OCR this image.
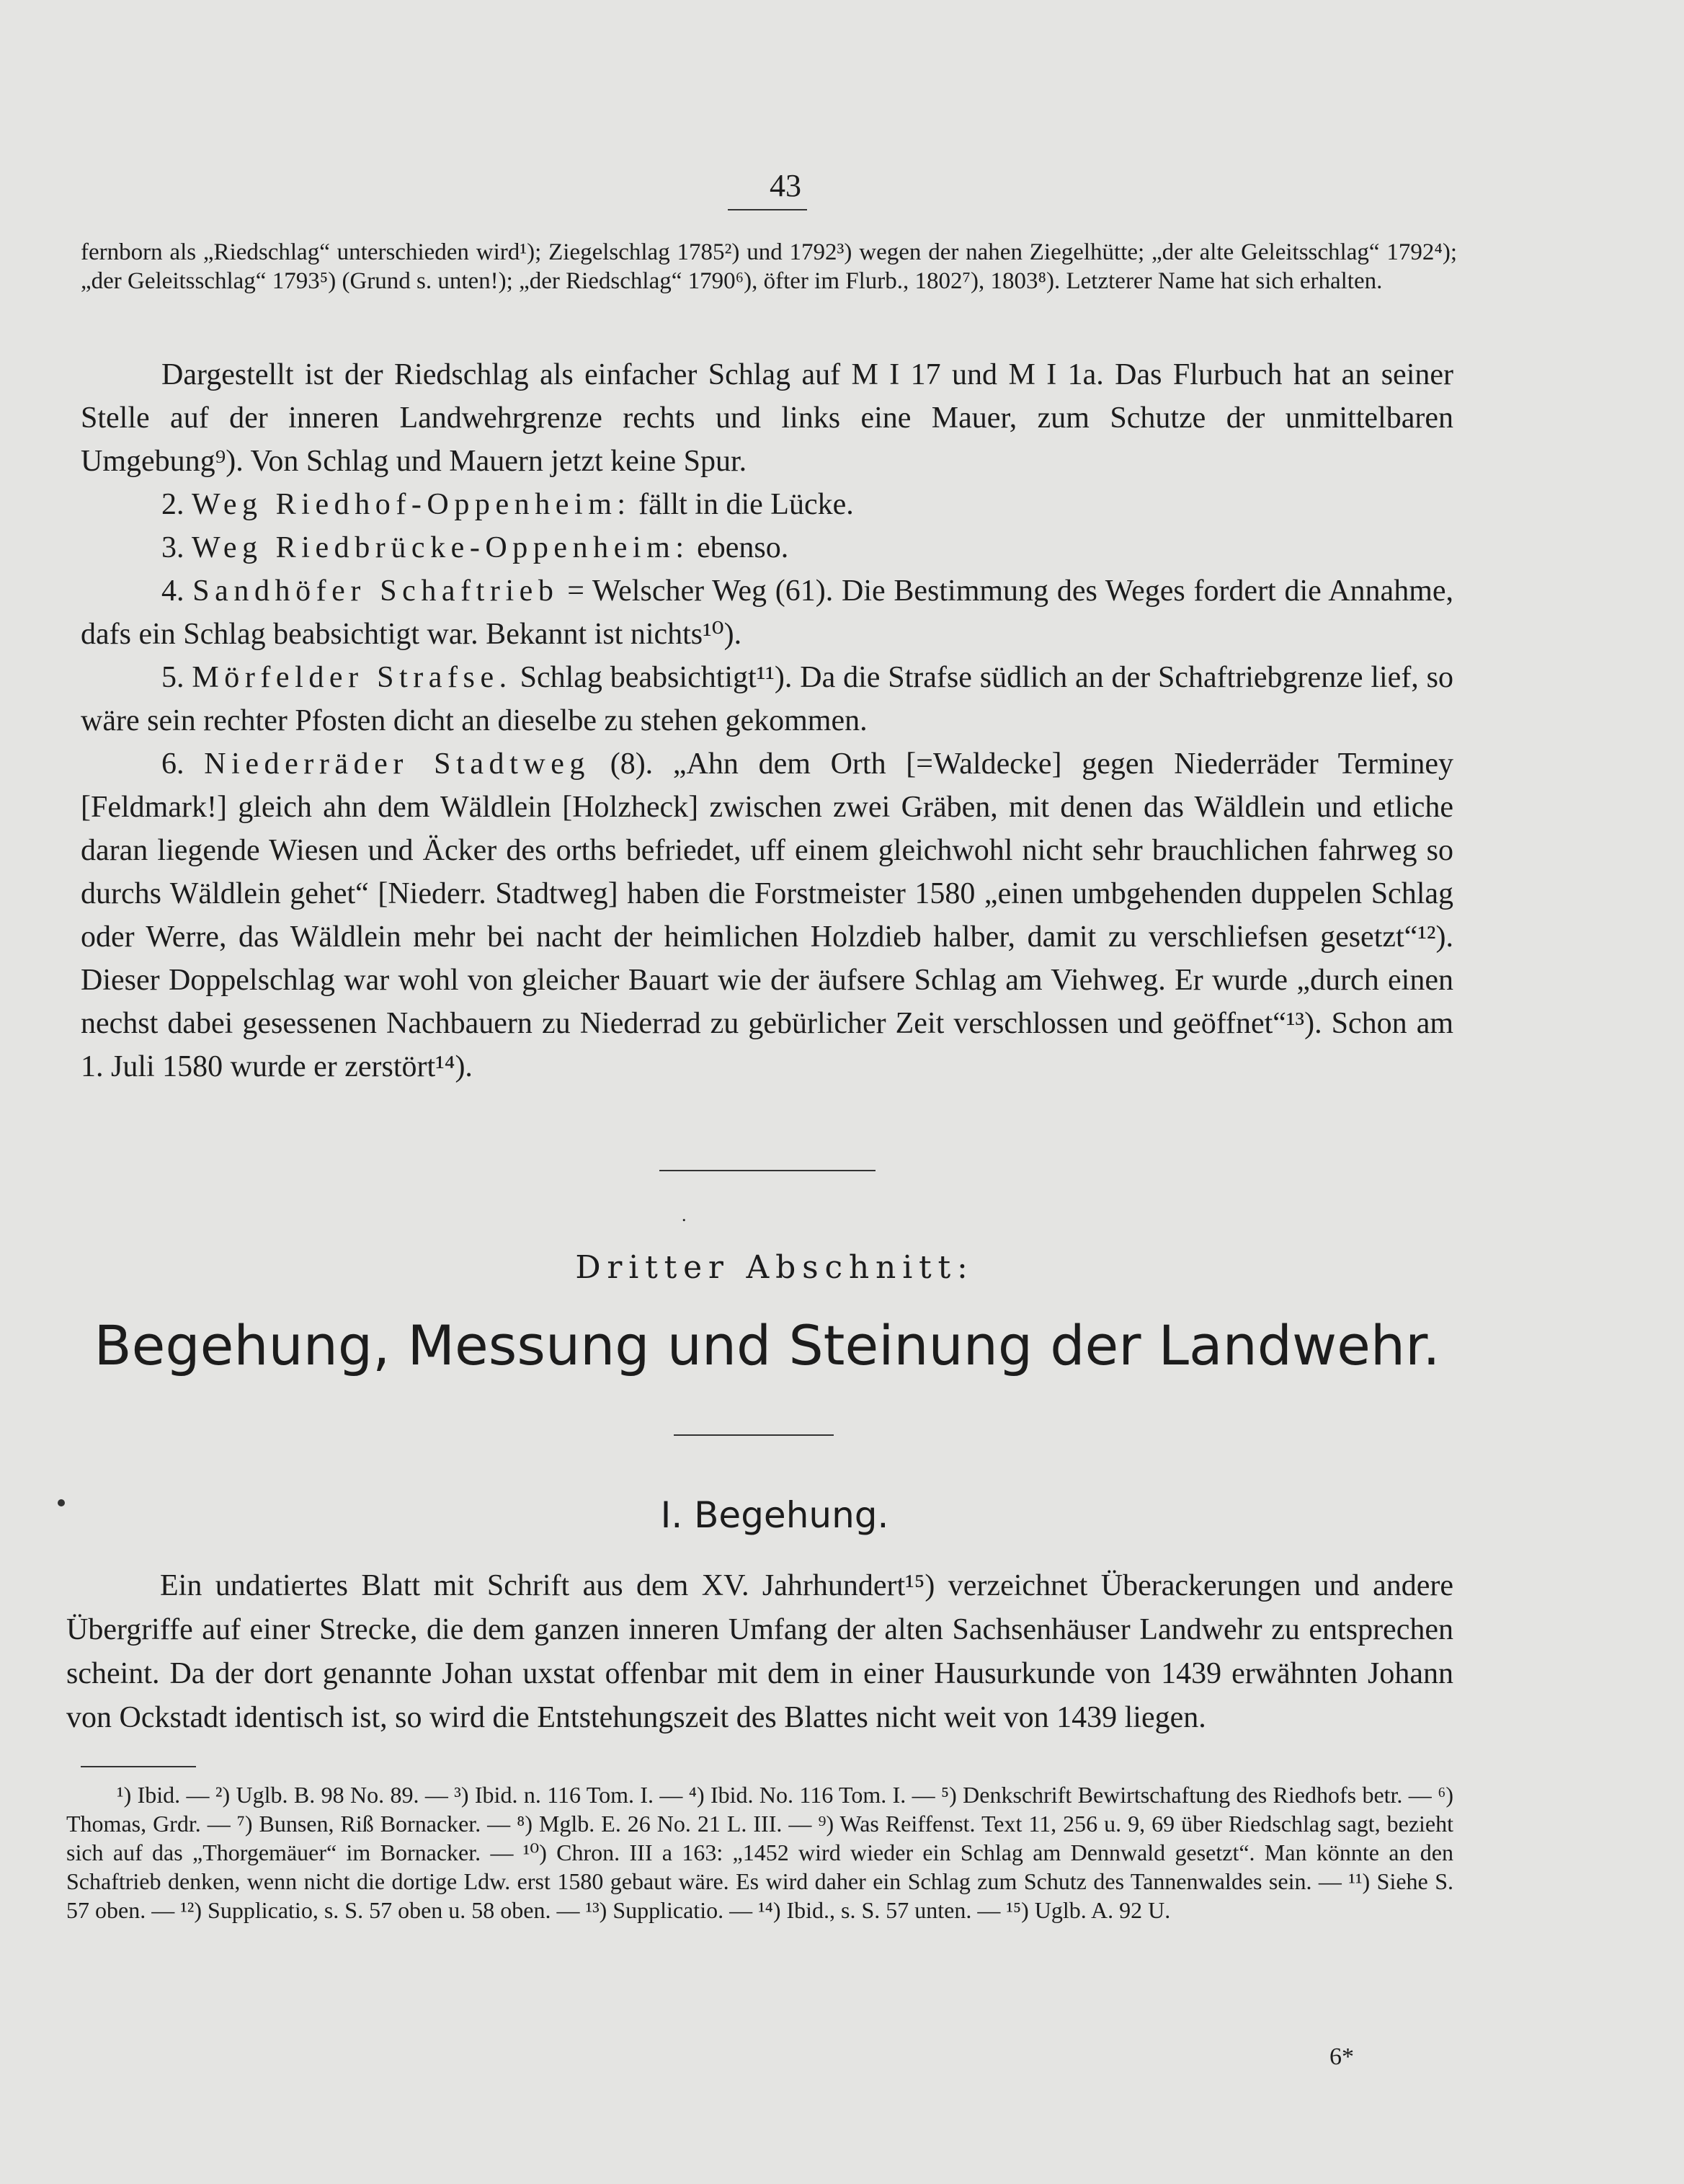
43

fernborn als „Riedschlag“ unterschieden wird¹); Ziegelschlag 1785²) und 1792³) wegen der nahen Ziegelhütte; „der alte Geleitsschlag“ 1792⁴); „der Geleitsschlag“ 1793⁵) (Grund s. unten!); „der Riedschlag“ 1790⁶), öfter im Flurb., 1802⁷), 1803⁸). Letzterer Name hat sich erhalten.

Dargestellt ist der Riedschlag als einfacher Schlag auf M I 17 und M I 1a. Das Flurbuch hat an seiner Stelle auf der inneren Landwehrgrenze rechts und links eine Mauer, zum Schutze der unmittelbaren Umgebung⁹). Von Schlag und Mauern jetzt keine Spur.

2. Weg Riedhof-Oppenheim: fällt in die Lücke.

3. Weg Riedbrücke-Oppenheim: ebenso.

4. Sandhöfer Schaftrieb = Welscher Weg (61). Die Bestimmung des Weges fordert die Annahme, dafs ein Schlag beabsichtigt war. Bekannt ist nichts¹⁰).

5. Mörfelder Strafse. Schlag beabsichtigt¹¹). Da die Strafse südlich an der Schaftriebgrenze lief, so wäre sein rechter Pfosten dicht an dieselbe zu stehen gekommen.

6. Niederräder Stadtweg (8). „Ahn dem Orth [=Waldecke] gegen Niederräder Terminey [Feldmark!] gleich ahn dem Wäldlein [Holzheck] zwischen zwei Gräben, mit denen das Wäldlein und etliche daran liegende Wiesen und Äcker des orths befriedet, uff einem gleichwohl nicht sehr brauchlichen fahrweg so durchs Wäldlein gehet“ [Niederr. Stadtweg] haben die Forstmeister 1580 „einen umbgehenden duppelen Schlag oder Werre, das Wäldlein mehr bei nacht der heimlichen Holzdieb halber, damit zu verschliefsen gesetzt“¹²). Dieser Doppelschlag war wohl von gleicher Bauart wie der äufsere Schlag am Viehweg. Er wurde „durch einen nechst dabei gesessenen Nachbauern zu Niederrad zu gebürlicher Zeit verschlossen und geöffnet“¹³). Schon am 1. Juli 1580 wurde er zerstört¹⁴).

.
Dritter Abschnitt:
Begehung, Messung und Steinung der Landwehr.
I. Begehung.

Ein undatiertes Blatt mit Schrift aus dem XV. Jahrhundert¹⁵) verzeichnet Überackerungen und andere Übergriffe auf einer Strecke, die dem ganzen inneren Umfang der alten Sachsenhäuser Landwehr zu entsprechen scheint. Da der dort genannte Johan uxstat offenbar mit dem in einer Hausurkunde von 1439 erwähnten Johann von Ockstadt identisch ist, so wird die Entstehungszeit des Blattes nicht weit von 1439 liegen.

¹) Ibid. — ²) Uglb. B. 98 No. 89. — ³) Ibid. n. 116 Tom. I. — ⁴) Ibid. No. 116 Tom. I. — ⁵) Denkschrift Bewirtschaftung des Riedhofs betr. — ⁶) Thomas, Grdr. — ⁷) Bunsen, Riß Bornacker. — ⁸) Mglb. E. 26 No. 21 L. III. — ⁹) Was Reiffenst. Text 11, 256 u. 9, 69 über Riedschlag sagt, bezieht sich auf das „Thorgemäuer“ im Bornacker. — ¹⁰) Chron. III a 163: „1452 wird wieder ein Schlag am Dennwald gesetzt“. Man könnte an den Schaftrieb denken, wenn nicht die dortige Ldw. erst 1580 gebaut wäre. Es wird daher ein Schlag zum Schutz des Tannenwaldes sein. — ¹¹) Siehe S. 57 oben. — ¹²) Supplicatio, s. S. 57 oben u. 58 oben. — ¹³) Supplicatio. — ¹⁴) Ibid., s. S. 57 unten. — ¹⁵) Uglb. A. 92 U.

6*
